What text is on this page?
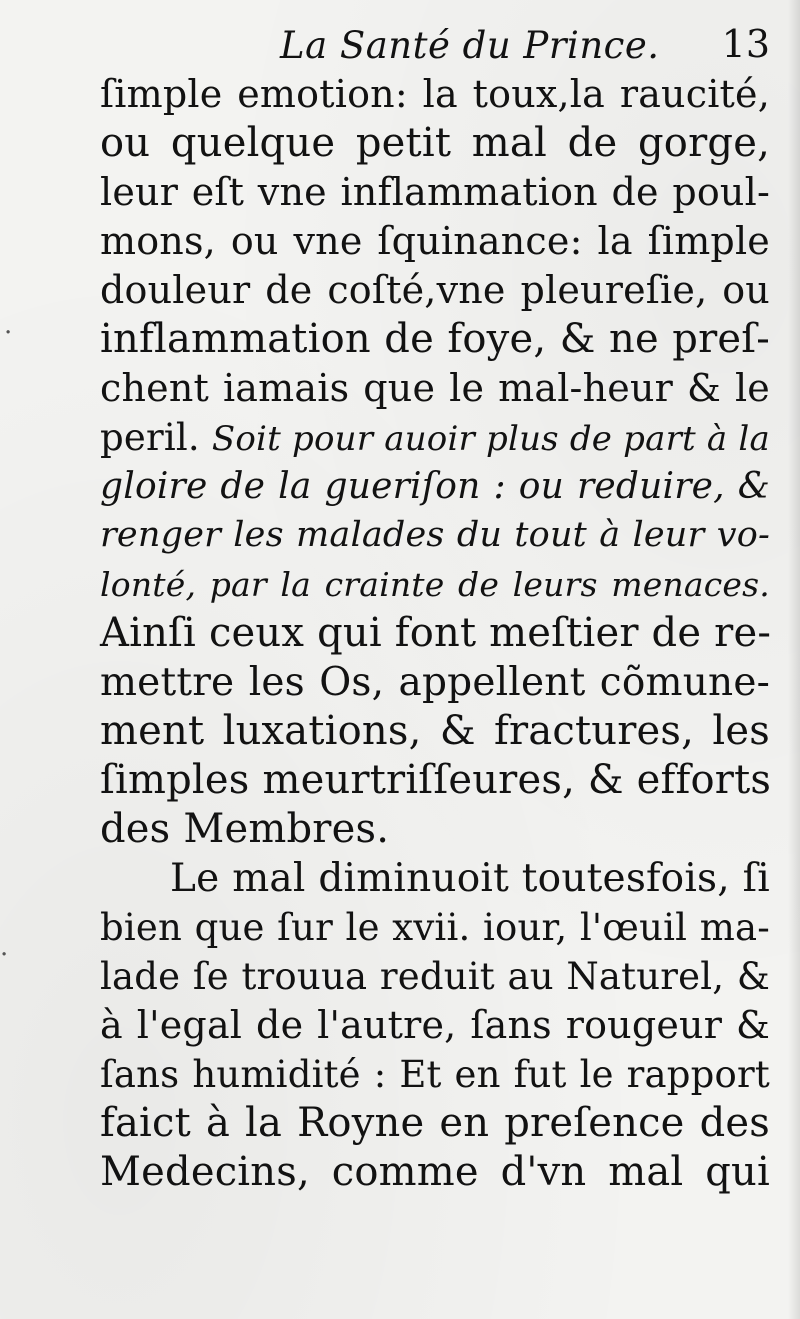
La Santé du Prince. 13
ſimple emotion: la toux,la raucité,
ou quelque petit mal de gorge,
leur eſt vne inflammation de poul-
mons, ou vne ſquinance: la ſimple
douleur de coſté,vne pleureſie, ou
inflammation de foye, & ne preſ-
chent iamais que le mal-heur & le
peril. Soit pour auoir plus de part à la
gloire de la gueriſon : ou reduire, &
renger les malades du tout à leur vo-
lonté, par la crainte de leurs menaces.
Ainſi ceux qui font meſtier de re-
mettre les Os, appellent cõmune-
ment luxations, & fractures, les
ſimples meurtriſſeures, & efforts
des Membres.
Le mal diminuoit toutesfois, ſi
bien que ſur le xvii. iour, l'œuil ma-
lade ſe trouua reduit au Naturel, &
à l'egal de l'autre, ſans rougeur &
ſans humidité : Et en fut le rapport
faict à la Royne en preſence des
Medecins, comme d'vn mal qui
·
·
